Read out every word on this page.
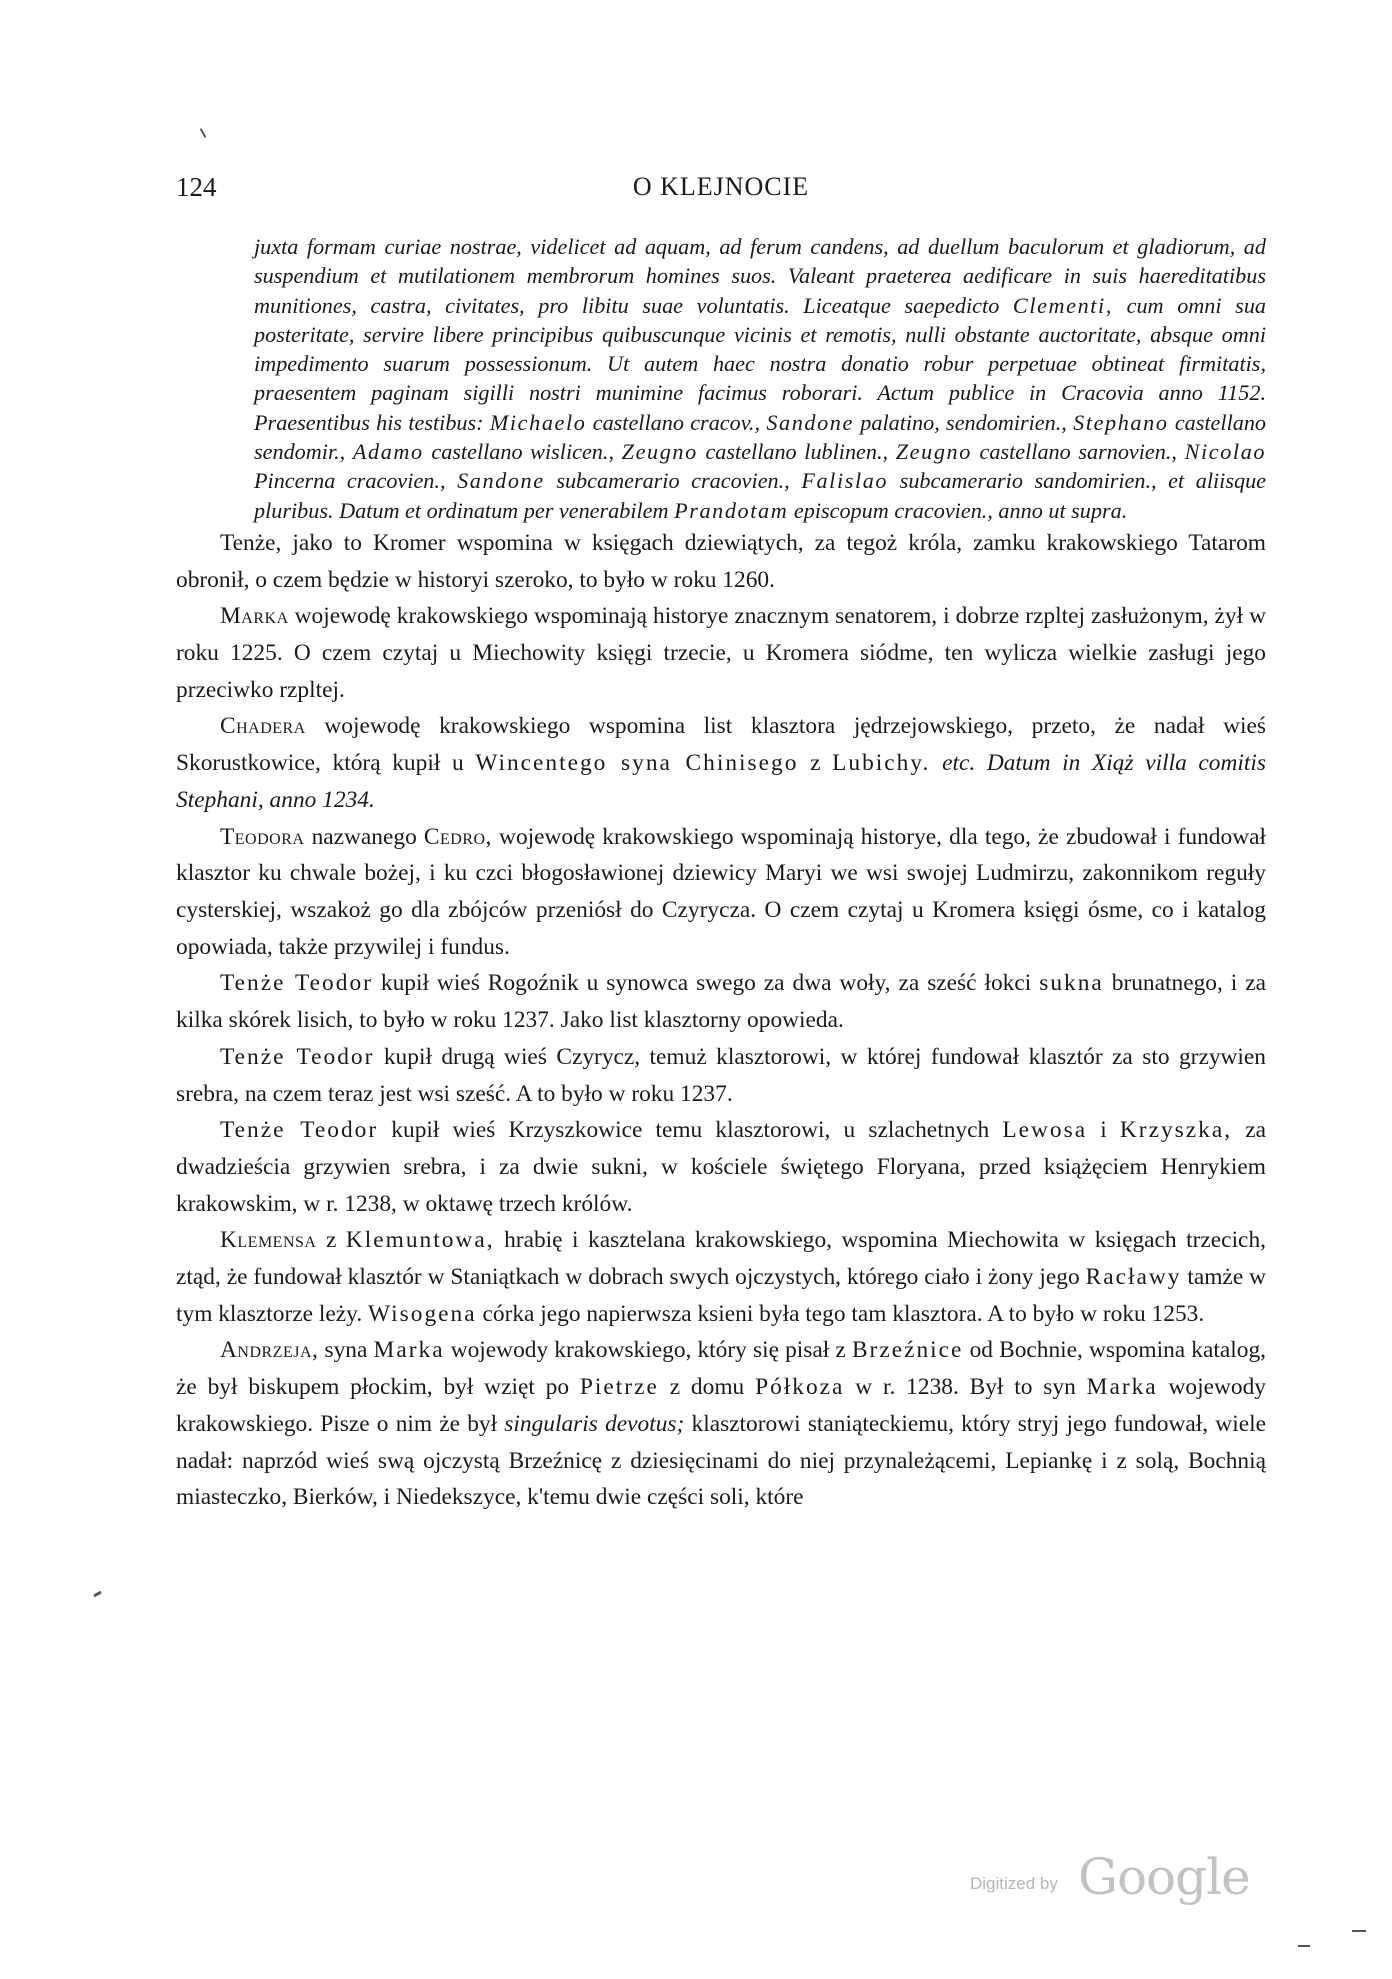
124	O KLEJNOCIE

juxta formam curiae nostrae, videlicet ad aquam, ad ferum candens, ad duellum baculorum et gladiorum, ad suspendium et mutilationem membrorum homines suos. Valeant praeterea aedificare in suis haereditatibus munitiones, castra, civitates, pro libitu suae voluntatis. Liceatque saepedicto Clementi, cum omni sua posteritate, servire libere principibus quibuscunque vicinis et remotis, nulli obstante auctoritate, absque omni impedimento suarum possessionum. Ut autem haec nostra donatio robur perpetuae obtineat firmitatis, praesentem paginam sigilli nostri munimine facimus roborari. Actum publice in Cracovia anno 1152. Praesentibus his testibus: Michaelo castellano cracov., Sandone palatino, sendomirien., Stephano castellano sendomir., Adamo castellano wislicen., Zeugno castellano lublinen., Zeugno castellano sarnovien., Nicolao Pincerna cracovien., Sandone subcamerario cracovien., Falislao subcamerario sandomirien., et aliisque pluribus. Datum et ordinatum per venerabilem Prandotam episcopum cracovien., anno ut supra.

Tenże, jako to Kromer wspomina w księgach dziewiątych, za tegoż króla, zamku krakowskiego Tatarom obronił, o czem będzie w historyi szeroko, to było w roku 1260.

Marka wojewodę krakowskiego wspominają historye znacznym senatorem, i dobrze rzpltej zasłużonym, żył w roku 1225. O czem czytaj u Miechowity księgi trzecie, u Kromera siódme, ten wylicza wielkie zasługi jego przeciwko rzpltej.

Chadera wojewodę krakowskiego wspomina list klasztora jędrzejowskiego, przeto, że nadał wieś Skorustkowice, którą kupił u Wincentego syna Chinisego z Lubichy. etc. Datum in Xiąż villa comitis Stephani, anno 1234.

Teodora nazwanego Cedro, wojewodę krakowskiego wspominają historye, dla tego, że zbudował i fundował klasztor ku chwale bożej, i ku czci błogosławionej dziewicy Maryi we wsi swojej Ludmirzu, zakonnikom reguły cysterskiej, wszakoż go dla zbójców przeniósł do Czyrycza. O czem czytaj u Kromera księgi ósme, co i katalog opowiada, także przywilej i fundus.

Tenże Teodor kupił wieś Rogoźnik u synowca swego za dwa woły, za sześć łokci sukna brunatnego, i za kilka skórek lisich, to było w roku 1237. Jako list klasztorny opowieda.

Tenże Teodor kupił drugą wieś Czyrycz, temuż klasztorowi, w której fundował klasztór za sto grzywien srebra, na czem teraz jest wsi sześć. A to było w roku 1237.

Tenże Teodor kupił wieś Krzyszkowice temu klasztorowi, u szlachetnych Lewosa i Krzyszka, za dwadzieścia grzywien srebra, i za dwie sukni, w kościele świętego Floryana, przed książęciem Henrykiem krakowskim, w r. 1238, w oktawę trzech królów.

Klemensa z Klemuntowa, hrabię i kasztelana krakowskiego, wspomina Miechowita w księgach trzecich, ztąd, że fundował klasztór w Staniątkach w dobrach swych ojczystych, którego ciało i żony jego Racławy tamże w tym klasztorze leży. Wisogena córka jego napierwsza ksieni była tego tam klasztora. A to było w roku 1253.

Andrzeja, syna Marka wojewody krakowskiego, który się pisał z Brzeźnice od Bochnie, wspomina katalog, że był biskupem płockim, był wzięt po Pietrze z domu Półkoza w r. 1238. Był to syn Marka wojewody krakowskiego. Pisze o nim że był singularis devotus; klasztorowi staniąteckiemu, który stryj jego fundował, wiele nadał: naprzód wieś swą ojczystą Brzeźnicę z dziesięcinami do niej przynależącemi, Lepiankę i z solą, Bochnią miasteczko, Bierków, i Niedekszyce, k'temu dwie części soli, które

Digitized by Google
